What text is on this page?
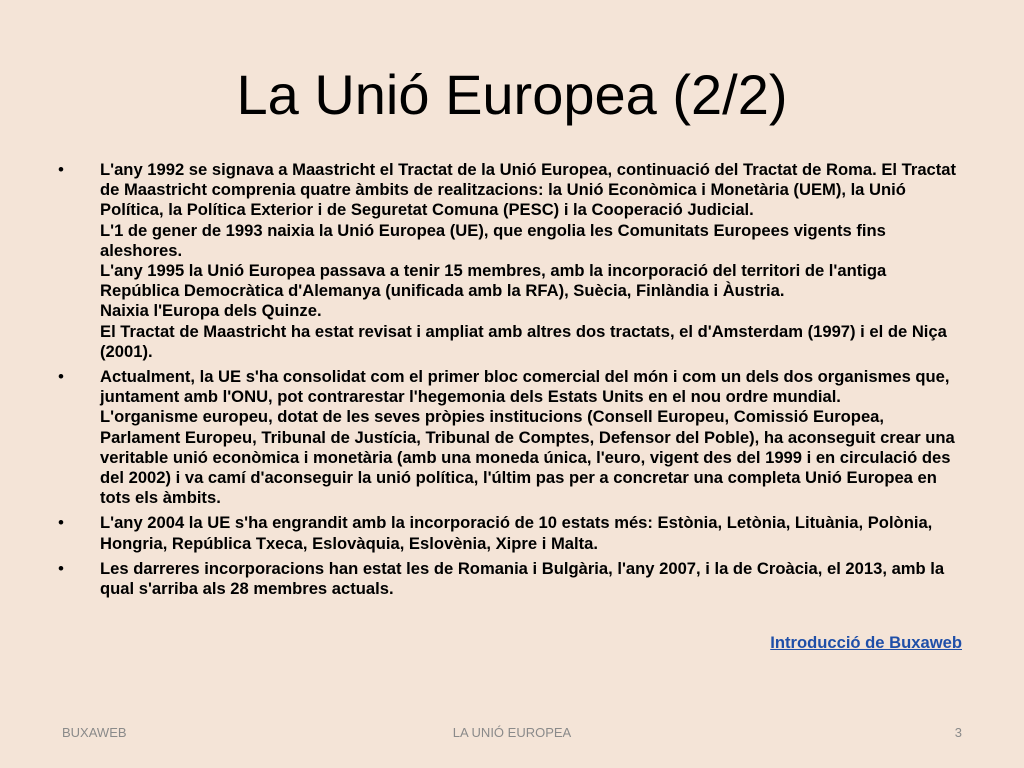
La Unió Europea (2/2)
• L'any 1992 se signava a Maastricht el Tractat de la Unió Europea, continuació del Tractat de Roma. El Tractat de Maastricht comprenia quatre àmbits de realitzacions: la Unió Econòmica i Monetària (UEM), la Unió Política, la Política Exterior i de Seguretat Comuna (PESC) i la Cooperació Judicial.
L'1 de gener de 1993 naixia la Unió Europea (UE), que engolia les Comunitats Europees vigents fins aleshores.
L'any 1995 la Unió Europea passava a tenir 15 membres, amb la incorporació del territori de l'antiga República Democràtica d'Alemanya (unificada amb la RFA), Suècia, Finlàndia i Àustria.
Naixia l'Europa dels Quinze.
El Tractat de Maastricht ha estat revisat i ampliat amb altres dos tractats, el d'Amsterdam (1997) i el de Niça (2001).
• Actualment, la UE s'ha consolidat com el primer bloc comercial del món i com un dels dos organismes que, juntament amb l'ONU, pot contrarestar l'hegemonia dels Estats Units en el nou ordre mundial.
L'organisme europeu, dotat de les seves pròpies institucions (Consell Europeu, Comissió Europea, Parlament Europeu, Tribunal de Justícia, Tribunal de Comptes, Defensor del Poble), ha aconseguit crear una veritable unió econòmica i monetària (amb una moneda única, l'euro, vigent des del 1999 i en circulació des del 2002) i va camí d'aconseguir la unió política, l'últim pas per a concretar una completa Unió Europea en tots els àmbits.
• L'any 2004 la UE s'ha engrandit amb la incorporació de 10 estats més: Estònia, Letònia, Lituània, Polònia, Hongria, República Txeca, Eslovàquia, Eslovènia, Xipre i Malta.
• Les darreres incorporacions han estat les de Romania i Bulgària, l'any 2007, i la de Croàcia, el 2013, amb la qual s'arriba als 28 membres actuals.
Introducció de Buxaweb
BUXAWEB	LA UNIÓ EUROPEA	3
